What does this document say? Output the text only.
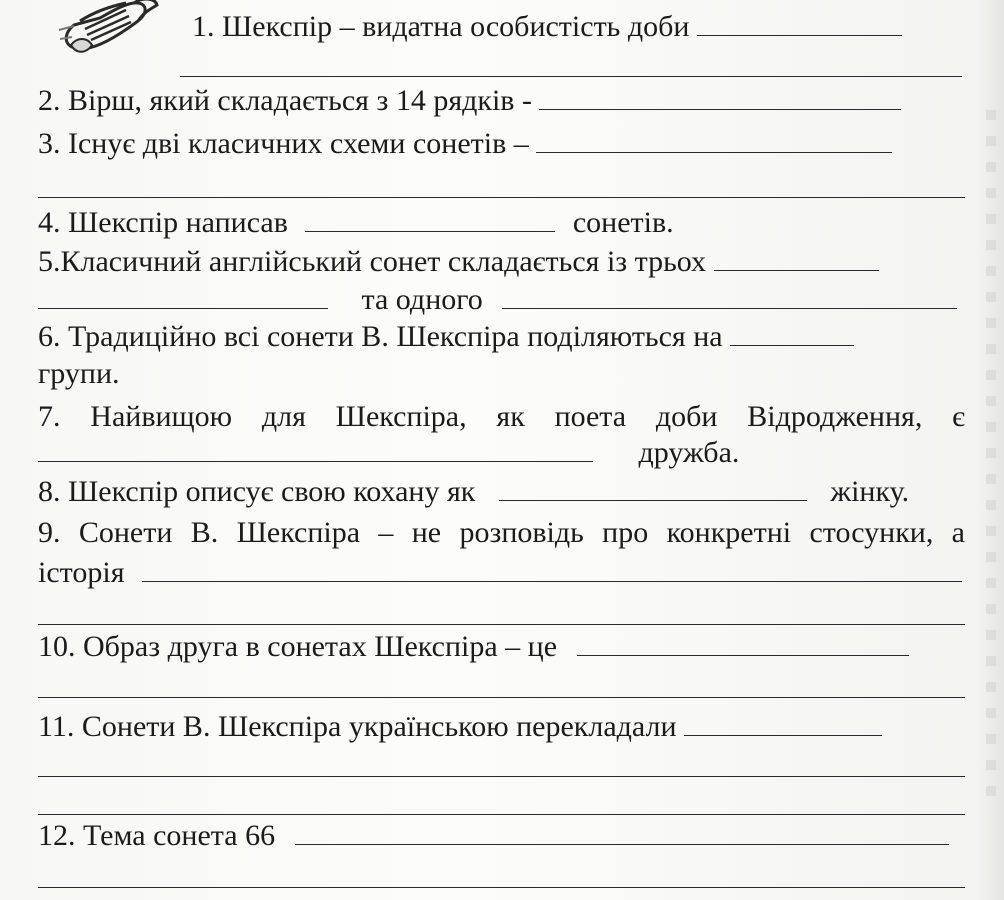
1. Шекспір – видатна особистість доби
2. Вірш, який складається з 14 рядків -
3. Існує дві класичних схеми сонетів –
4. Шекспір написав	сонетів.
5.Класичний англійський сонет складається із трьох
та одного
6. Традиційно всі сонети В. Шекспіра поділяються на
групи.
7. Найвищою для Шекспіра, як поета доби Відродження, є
дружба.
8. Шекспір описує свою кохану як	жінку.
9. Сонети В. Шекспіра – не розповідь про конкретні стосунки, а
історія
10. Образ друга в сонетах Шекспіра – це
11. Сонети В. Шекспіра українською перекладали
12. Тема сонета 66
